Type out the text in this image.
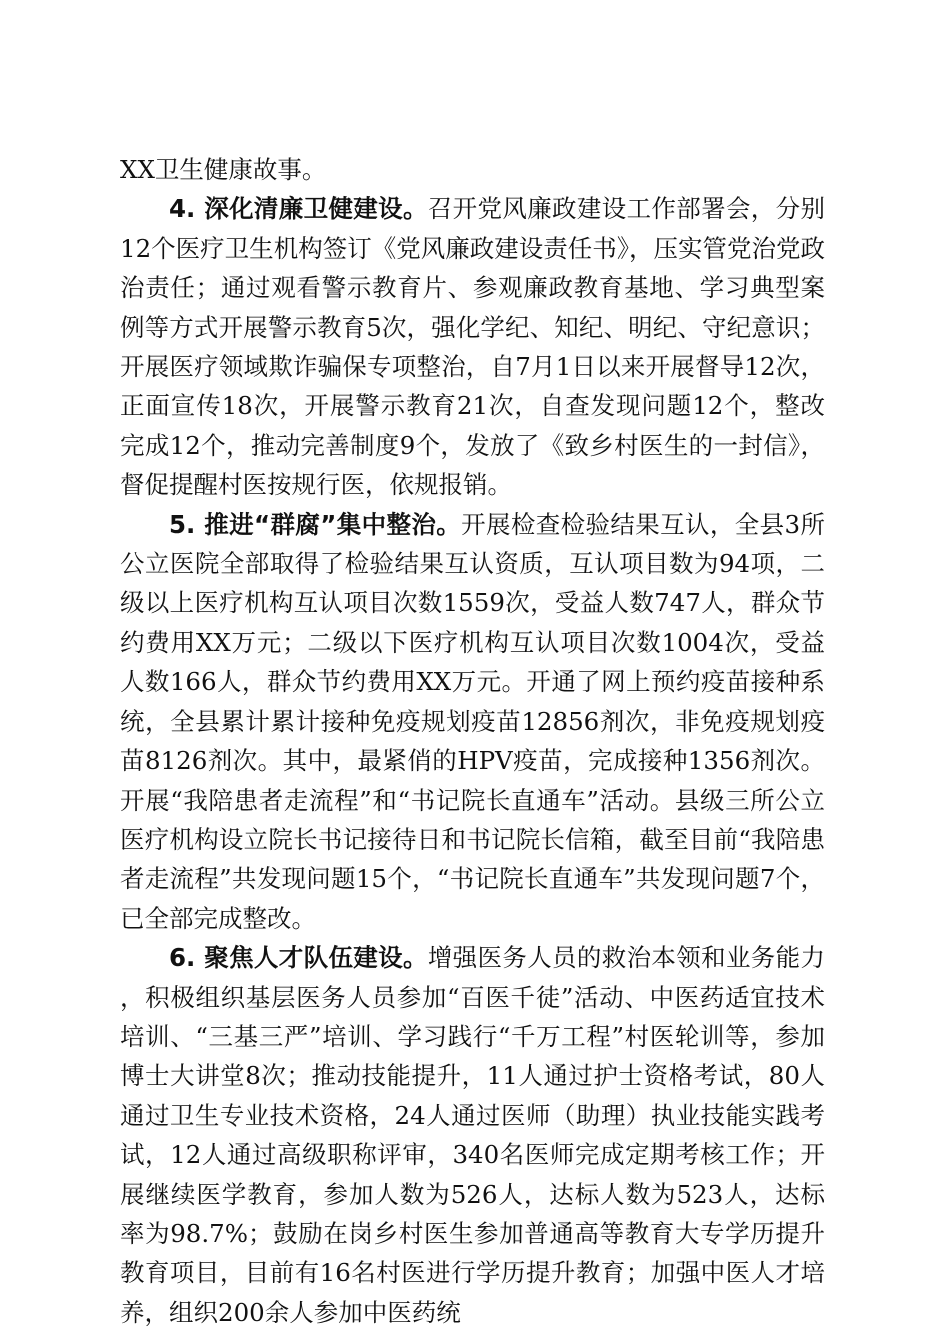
XX卫生健康故事。

4. 深化清廉卫健建设。召开党风廉政建设工作部署会，分别12个医疗卫生机构签订《党风廉政建设责任书》，压实管党治党政治责任；通过观看警示教育片、参观廉政教育基地、学习典型案例等方式开展警示教育5次，强化学纪、知纪、明纪、守纪意识；开展医疗领域欺诈骗保专项整治，自7月1日以来开展督导12次，正面宣传18次，开展警示教育21次，自查发现问题12个，整改完成12个，推动完善制度9个，发放了《致乡村医生的一封信》，督促提醒村医按规行医，依规报销。

5. 推进“群腐”集中整治。开展检查检验结果互认，全县3所公立医院全部取得了检验结果互认资质，互认项目数为94项，二级以上医疗机构互认项目次数1559次，受益人数747人，群众节约费用XX万元；二级以下医疗机构互认项目次数1004次，受益人数166人，群众节约费用XX万元。开通了网上预约疫苗接种系统，全县累计累计接种免疫规划疫苗12856剂次，非免疫规划疫苗8126剂次。其中，最紧俏的HPV疫苗，完成接种1356剂次。开展“我陪患者走流程”和“书记院长直通车”活动。县级三所公立医疗机构设立院长书记接待日和书记院长信箱，截至目前“我陪患者走流程”共发现问题15个，“书记院长直通车”共发现问题7个，已全部完成整改。

6. 聚焦人才队伍建设。增强医务人员的救治本领和业务能力，积极组织基层医务人员参加“百医千徒”活动、中医药适宜技术培训、“三基三严”培训、学习践行“千万工程”村医轮训等，参加博士大讲堂8次；推动技能提升，11人通过护士资格考试，80人通过卫生专业技术资格，24人通过医师（助理）执业技能实践考试，12人通过高级职称评审，340名医师完成定期考核工作；开展继续医学教育，参加人数为526人，达标人数为523人，达标率为98.7%；鼓励在岗乡村医生参加普通高等教育大专学历提升教育项目，目前有16名村医进行学历提升教育；加强中医人才培养，组织200余人参加中医药统
